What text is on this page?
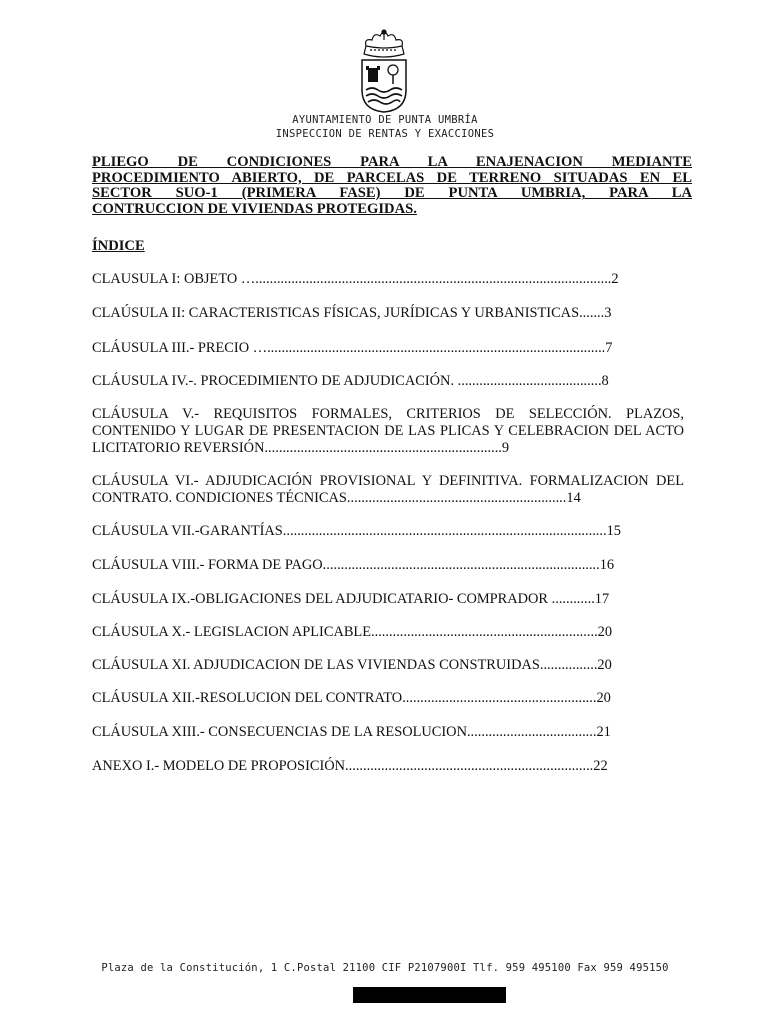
AYUNTAMIENTO DE PUNTA UMBRÍA
INSPECCION DE RENTAS Y EXACCIONES
PLIEGO DE CONDICIONES PARA LA ENAJENACION MEDIANTE
PROCEDIMIENTO ABIERTO, DE PARCELAS DE TERRENO SITUADAS EN EL
SECTOR SUO-1 (PRIMERA FASE) DE PUNTA UMBRIA, PARA LA
CONTRUCCION DE VIVIENDAS PROTEGIDAS.
ÍNDICE
CLAUSULA I: OBJETO …...................................................................................................2
CLAÚSULA II: CARACTERISTICAS FÍSICAS, JURÍDICAS Y URBANISTICAS.......3
CLÁUSULA III.- PRECIO …..............................................................................................7
CLÁUSULA IV.-. PROCEDIMIENTO DE ADJUDICACIÓN. ........................................8
CLÁUSULA V.- REQUISITOS FORMALES, CRITERIOS DE SELECCIÓN. PLAZOS, CONTENIDO Y LUGAR DE PRESENTACION DE LAS PLICAS Y CELEBRACION DEL ACTO LICITATORIO REVERSIÓN..................................................................9
CLÁUSULA VI.- ADJUDICACIÓN PROVISIONAL Y DEFINITIVA. FORMALIZACION DEL CONTRATO. CONDICIONES TÉCNICAS.............................................................14
CLÁUSULA VII.-GARANTÍAS..........................................................................................15
CLÁUSULA VIII.- FORMA DE PAGO.............................................................................16
CLÁUSULA IX.-OBLIGACIONES DEL ADJUDICATARIO- COMPRADOR ............17
CLÁUSULA X.- LEGISLACION APLICABLE...............................................................20
CLÁUSULA XI. ADJUDICACION DE LAS VIVIENDAS CONSTRUIDAS................20
CLÁUSULA XII.-RESOLUCION DEL CONTRATO......................................................20
CLÁUSULA XIII.- CONSECUENCIAS DE LA RESOLUCION....................................21
ANEXO I.- MODELO DE PROPOSICIÓN.....................................................................22
Plaza de la Constitución, 1 C.Postal 21100 CIF P2107900I Tlf. 959 495100 Fax 959 495150
